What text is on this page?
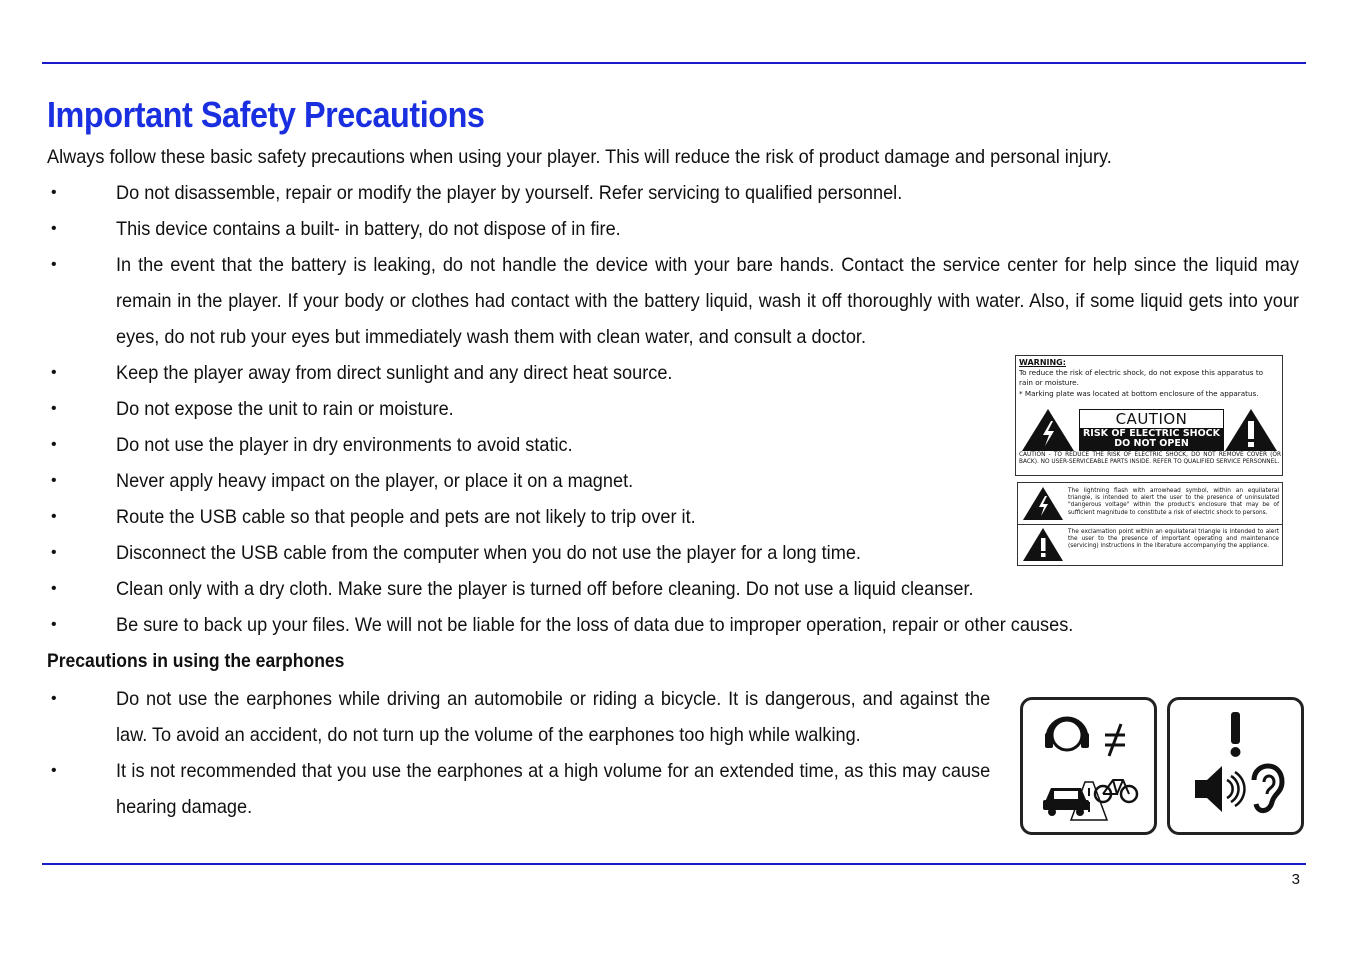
Important Safety Precautions
Always follow these basic safety precautions when using your player. This will reduce the risk of product damage and personal injury.
•	Do not disassemble, repair or modify the player by yourself. Refer servicing to qualified personnel.
•	This device contains a built- in battery, do not dispose of in fire.
•	In the event that the battery is leaking, do not handle the device with your bare hands. Contact the service center for help since the liquid may remain in the player. If your body or clothes had contact with the battery liquid, wash it off thoroughly with water. Also, if some liquid gets into your eyes, do not rub your eyes but immediately wash them with clean water, and consult a doctor.
•	Keep the player away from direct sunlight and any direct heat source.
•	Do not expose the unit to rain or moisture.
•	Do not use the player in dry environments to avoid static.
•	Never apply heavy impact on the player, or place it on a magnet.
•	Route the USB cable so that people and pets are not likely to trip over it.
•	Disconnect the USB cable from the computer when you do not use the player for a long time.
•	Clean only with a dry cloth. Make sure the player is turned off before cleaning. Do not use a liquid cleanser.
•	Be sure to back up your files. We will not be liable for the loss of data due to improper operation, repair or other causes.
Precautions in using the earphones
•	Do not use the earphones while driving an automobile or riding a bicycle. It is dangerous, and against the law. To avoid an accident, do not turn up the volume of the earphones too high while walking.
•	It is not recommended that you use the earphones at a high volume for an extended time, as this may cause hearing damage.
WARNING:
To reduce the risk of electric shock, do not expose this apparatus to rain or moisture.
* Marking plate was located at bottom enclosure of the apparatus.
CAUTION
RISK OF ELECTRIC SHOCK
DO NOT OPEN
CAUTION - TO REDUCE THE RISK OF ELECTRIC SHOCK, DO NOT REMOVE COVER (OR BACK). NO USER-SERVICEABLE PARTS INSIDE. REFER TO QUALIFIED SERVICE PERSONNEL.
The lightning flash with arrowhead symbol, within an equilateral triangle, is intended to alert the user to the presence of uninsulated "dangerous voltage" within the product's enclosure that may be of sufficient magnitude to constitute a risk of electric shock to persons.
The exclamation point within an equilateral triangle is intended to alert the user to the presence of important operating and maintenance (servicing) instructions in the literature accompanying the appliance.
3
